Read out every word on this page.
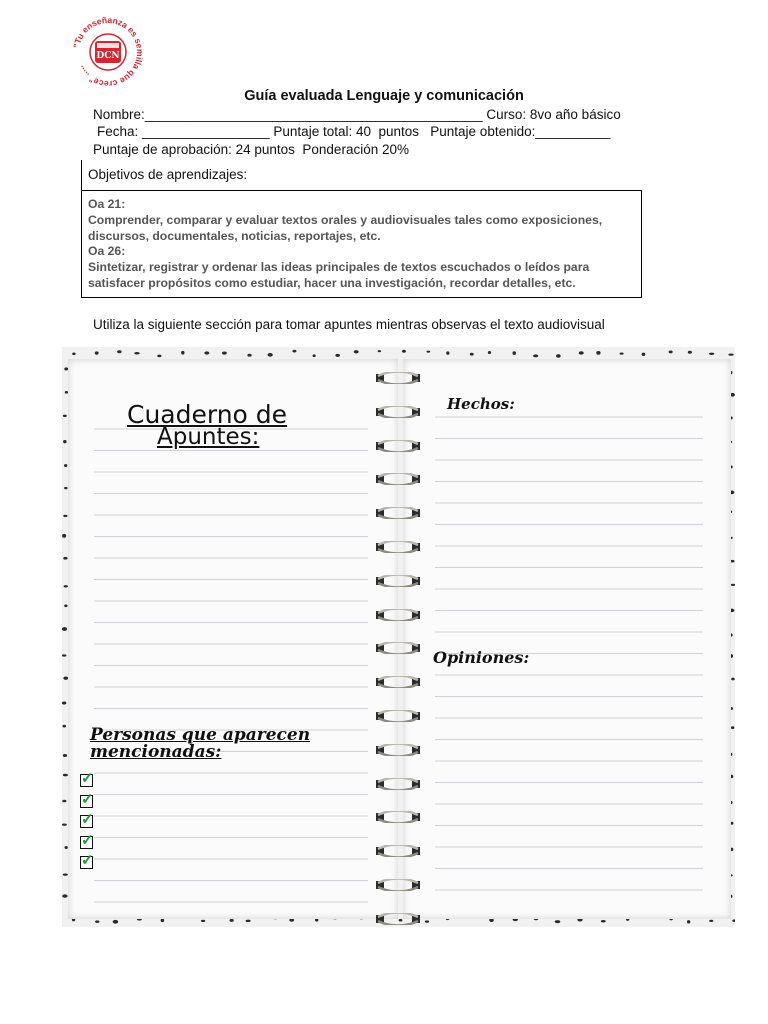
"Tu enseñanza es semilla que crece" .....
DCN
Guía evaluada Lenguaje y comunicación
Nombre:_____________________________________________ Curso: 8vo año básico
Fecha: _________________ Puntaje total: 40  puntos   Puntaje obtenido:__________
Puntaje de aprobación: 24 puntos  Ponderación 20%
Objetivos de aprendizajes:
Oa 21:
Comprender, comparar y evaluar textos orales y audiovisuales tales como exposiciones,
discursos, documentales, noticias, reportajes, etc.
Oa 26:
Sintetizar, registrar y ordenar las ideas principales de textos escuchados o leídos para
satisfacer propósitos como estudiar, hacer una investigación, recordar detalles, etc.
Utiliza la siguiente sección para tomar apuntes mientras observas el texto audiovisual
Cuaderno de
Apuntes:
Personas que aparecen
mencionadas:
✓
✓
✓
✓
✓
Hechos:
Opiniones:
